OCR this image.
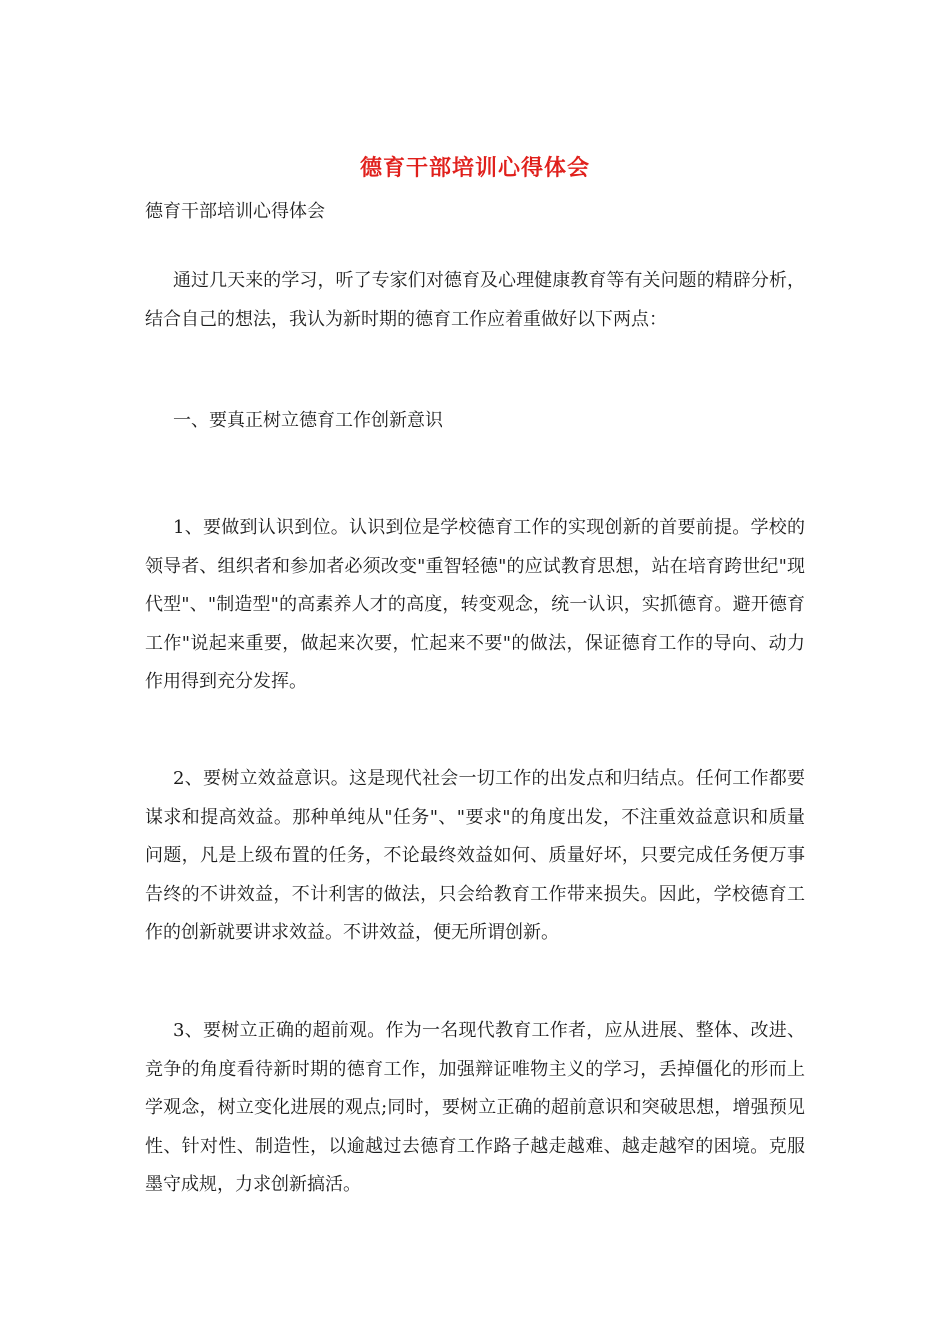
德育干部培训心得体会
德育干部培训心得体会
通过几天来的学习，听了专家们对德育及心理健康教育等有关问题的精辟分析，结合自己的想法，我认为新时期的德育工作应着重做好以下两点：
一、要真正树立德育工作创新意识
1、要做到认识到位。认识到位是学校德育工作的实现创新的首要前提。学校的领导者、组织者和参加者必须改变"重智轻德"的应试教育思想，站在培育跨世纪"现代型"、"制造型"的高素养人才的高度，转变观念，统一认识，实抓德育。避开德育工作"说起来重要，做起来次要，忙起来不要"的做法，保证德育工作的导向、动力作用得到充分发挥。
2、要树立效益意识。这是现代社会一切工作的出发点和归结点。任何工作都要谋求和提高效益。那种单纯从"任务"、"要求"的角度出发，不注重效益意识和质量问题，凡是上级布置的任务，不论最终效益如何、质量好坏，只要完成任务便万事告终的不讲效益，不计利害的做法，只会给教育工作带来损失。因此，学校德育工作的创新就要讲求效益。不讲效益，便无所谓创新。
3、要树立正确的超前观。作为一名现代教育工作者，应从进展、整体、改进、竞争的角度看待新时期的德育工作，加强辩证唯物主义的学习，丢掉僵化的形而上学观念，树立变化进展的观点;同时，要树立正确的超前意识和突破思想，增强预见性、针对性、制造性，以逾越过去德育工作路子越走越难、越走越窄的困境。克服墨守成规，力求创新搞活。
